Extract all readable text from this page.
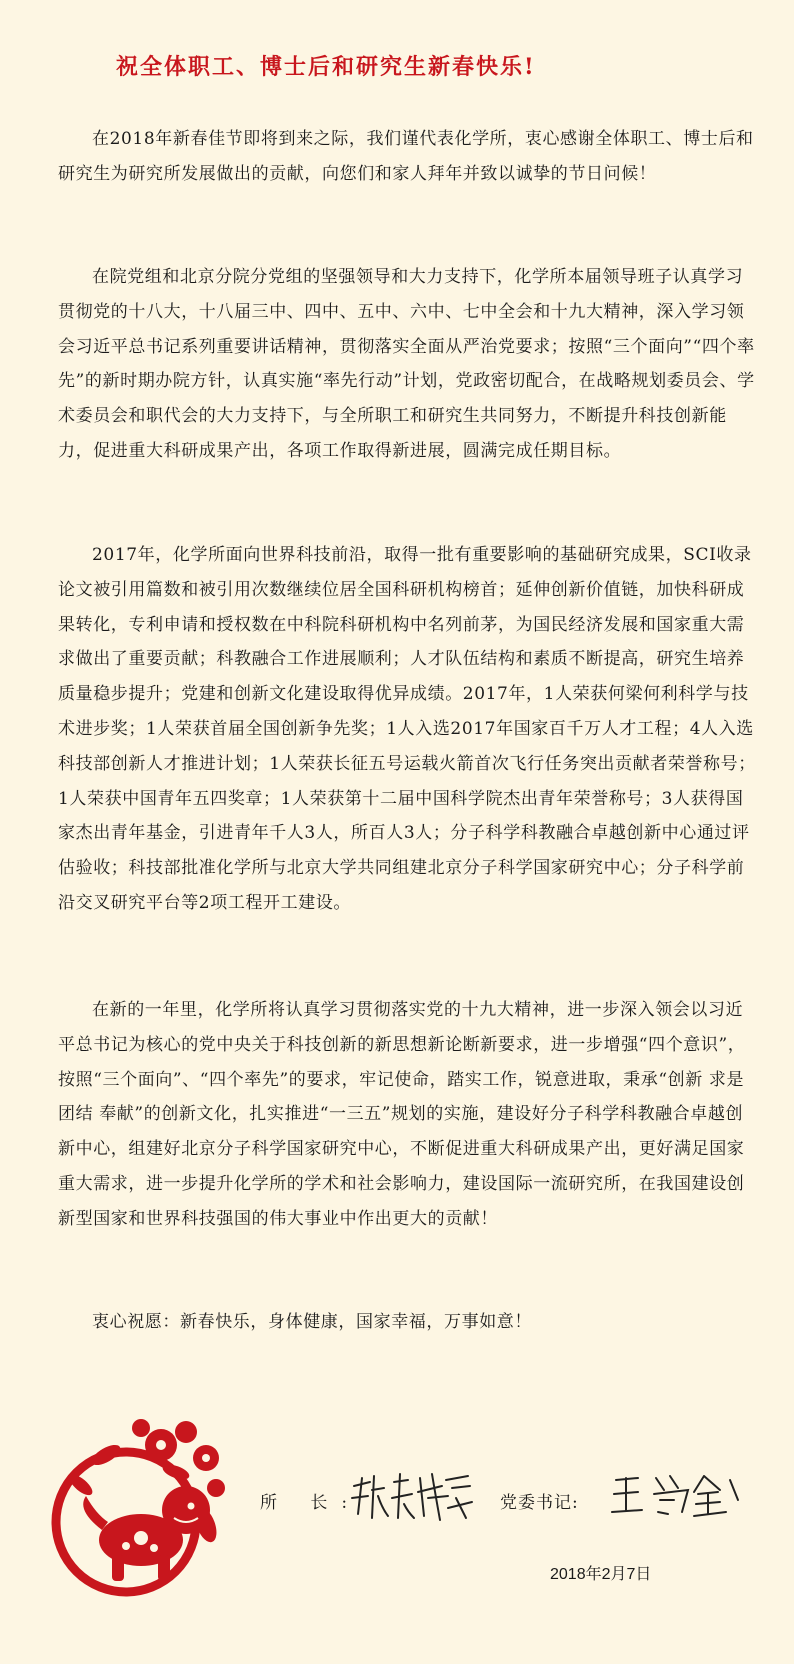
祝全体职工、博士后和研究生新春快乐!

在2018年新春佳节即将到来之际，我们谨代表化学所，衷心感谢全体职工、博士后和研究生为研究所发展做出的贡献，向您们和家人拜年并致以诚挚的节日问候！

在院党组和北京分院分党组的坚强领导和大力支持下，化学所本届领导班子认真学习贯彻党的十八大，十八届三中、四中、五中、六中、七中全会和十九大精神，深入学习领会习近平总书记系列重要讲话精神，贯彻落实全面从严治党要求；按照“三个面向”“四个率先”的新时期办院方针，认真实施“率先行动”计划，党政密切配合，在战略规划委员会、学术委员会和职代会的大力支持下，与全所职工和研究生共同努力，不断提升科技创新能力，促进重大科研成果产出，各项工作取得新进展，圆满完成任期目标。

2017年，化学所面向世界科技前沿，取得一批有重要影响的基础研究成果，SCI收录论文被引用篇数和被引用次数继续位居全国科研机构榜首；延伸创新价值链，加快科研成果转化，专利申请和授权数在中科院科研机构中名列前茅，为国民经济发展和国家重大需求做出了重要贡献；科教融合工作进展顺利；人才队伍结构和素质不断提高，研究生培养质量稳步提升；党建和创新文化建设取得优异成绩。2017年，1人荣获何梁何利科学与技术进步奖；1人荣获首届全国创新争先奖；1人入选2017年国家百千万人才工程；4人入选科技部创新人才推进计划；1人荣获长征五号运载火箭首次飞行任务突出贡献者荣誉称号；1人荣获中国青年五四奖章；1人荣获第十二届中国科学院杰出青年荣誉称号；3人获得国家杰出青年基金，引进青年千人3人，所百人3人；分子科学科教融合卓越创新中心通过评估验收；科技部批准化学所与北京大学共同组建北京分子科学国家研究中心；分子科学前沿交叉研究平台等2项工程开工建设。

在新的一年里，化学所将认真学习贯彻落实党的十九大精神，进一步深入领会以习近平总书记为核心的党中央关于科技创新的新思想新论断新要求，进一步增强“四个意识”， 按照“三个面向”、“四个率先”的要求，牢记使命，踏实工作，锐意进取，秉承“创新 求是 团结 奉献”的创新文化，扎实推进“一三五”规划的实施，建设好分子科学科教融合卓越创新中心，组建好北京分子科学国家研究中心，不断促进重大科研成果产出，更好满足国家重大需求，进一步提升化学所的学术和社会影响力，建设国际一流研究所，在我国建设创新型国家和世界科技强国的伟大事业中作出更大的贡献！

衷心祝愿：新春快乐，身体健康，国家幸福，万事如意！

所 长:	党委书记:
2018年2月7日
